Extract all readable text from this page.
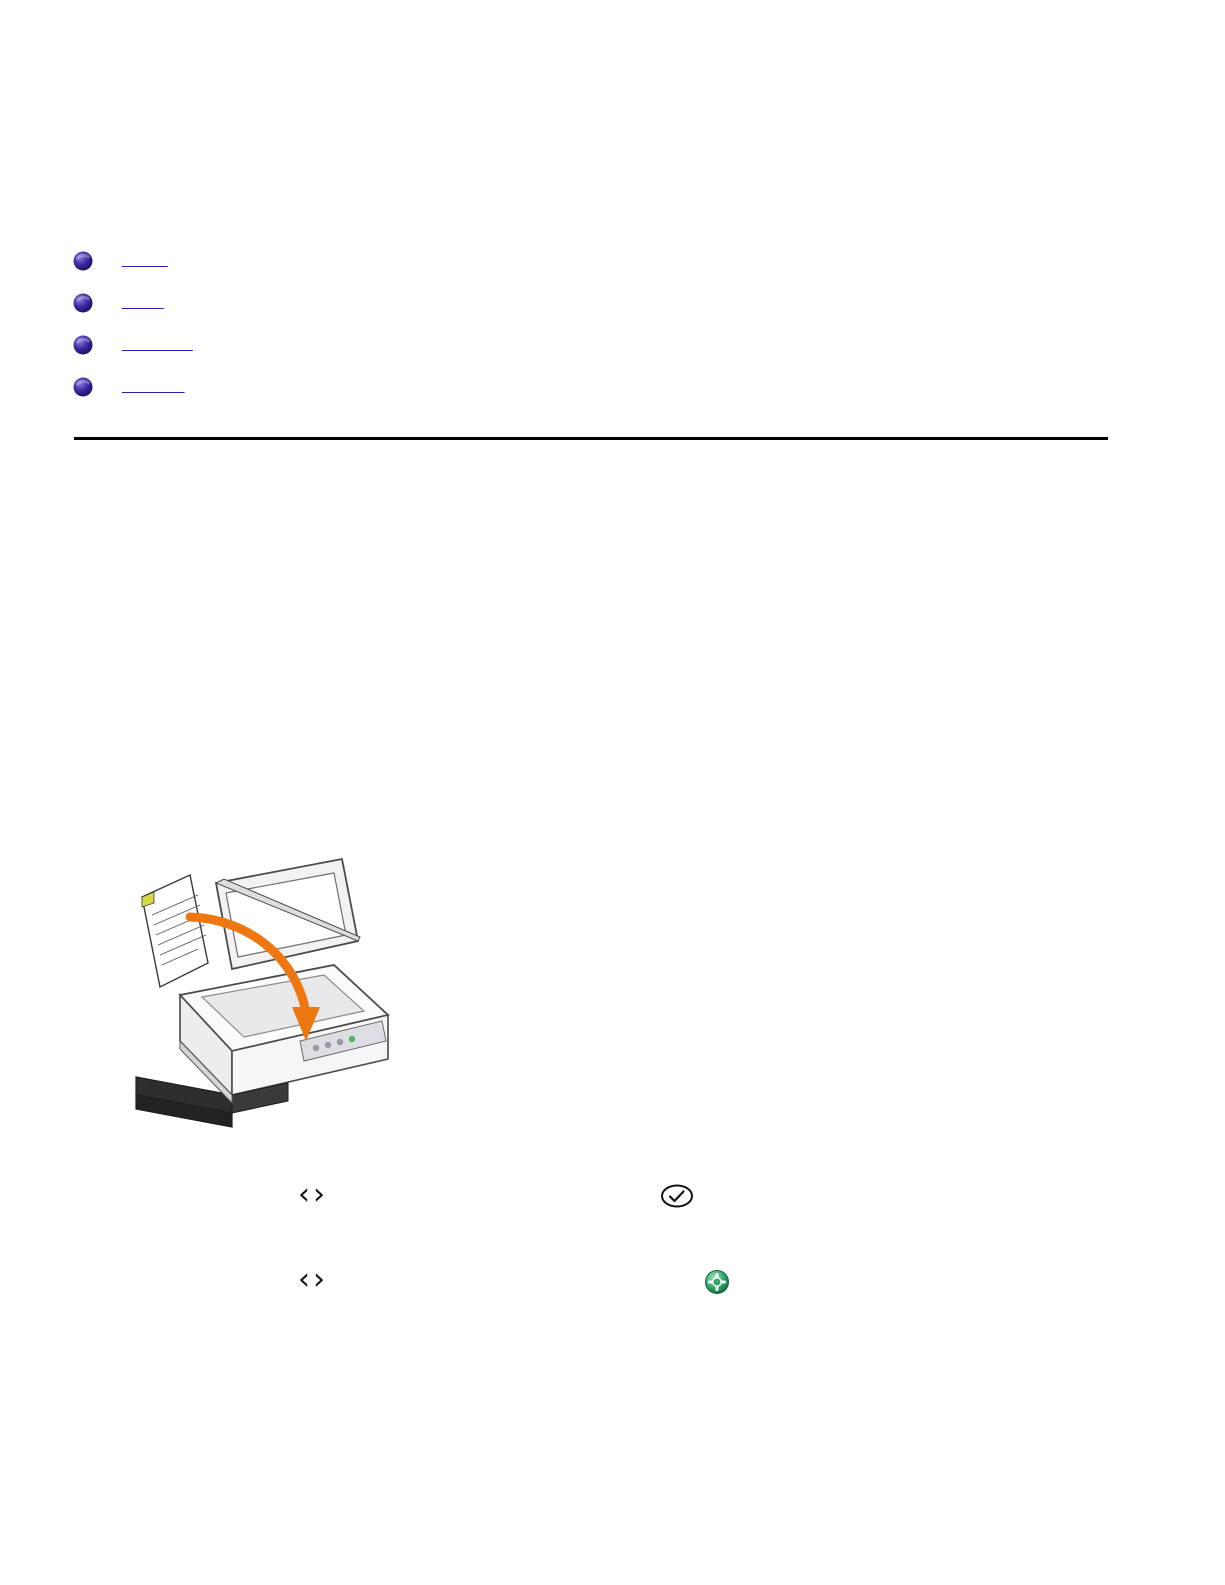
‹›
‹›
